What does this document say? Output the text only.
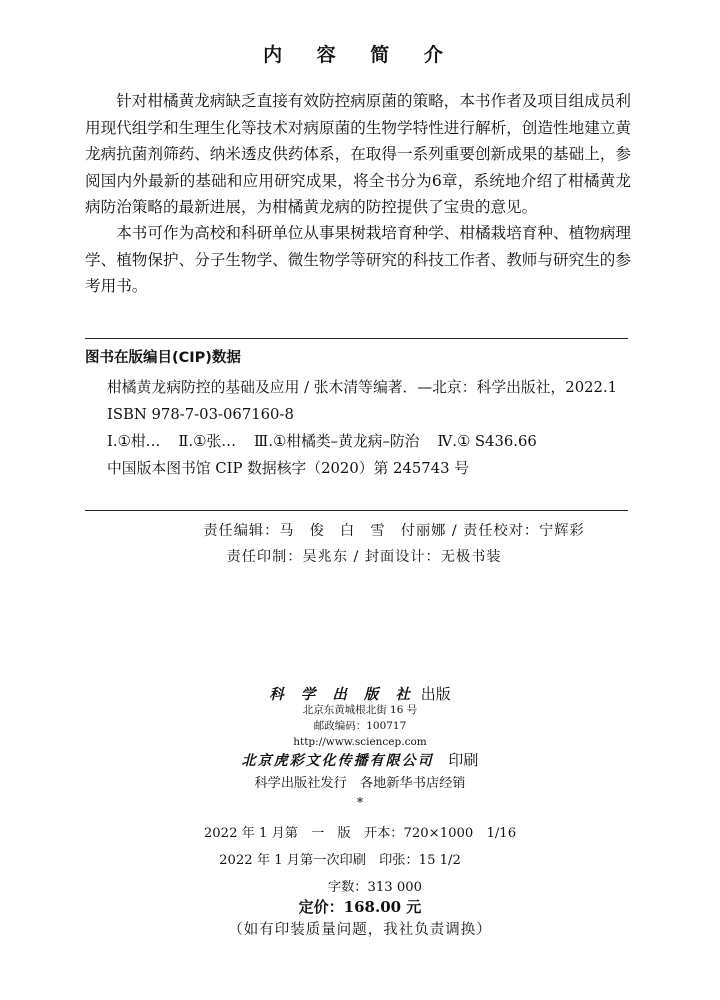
内 容 简 介

针对柑橘黄龙病缺乏直接有效防控病原菌的策略，本书作者及项目组成员利用现代组学和生理生化等技术对病原菌的生物学特性进行解析，创造性地建立黄龙病抗菌剂筛药、纳米透皮供药体系，在取得一系列重要创新成果的基础上，参阅国内外最新的基础和应用研究成果，将全书分为6章，系统地介绍了柑橘黄龙病防治策略的最新进展，为柑橘黄龙病的防控提供了宝贵的意见。

本书可作为高校和科研单位从事果树栽培育种学、柑橘栽培育种、植物病理学、植物保护、分子生物学、微生物学等研究的科技工作者、教师与研究生的参考用书。

图书在版编目(CIP)数据
柑橘黄龙病防控的基础及应用 / 张木清等编著．—北京：科学出版社，2022.1
ISBN 978-7-03-067160-8
Ⅰ.①柑… Ⅱ.①张… Ⅲ.①柑橘类–黄龙病–防治 Ⅳ.① S436.66
中国版本图书馆 CIP 数据核字（2020）第 245743 号
责任编辑：马　俊　白　雪　付丽娜 / 责任校对：宁辉彩
责任印制：吴兆东 / 封面设计：无极书装
科 学 出 版 社 出版
北京东黄城根北街 16 号
邮政编码：100717
http://www.sciencep.com
北京虎彩文化传播有限公司 印刷
科学出版社发行　各地新华书店经销
*
2022 年 1 月第　一　版　开本：720×1000　1/16
2022 年 1 月第一次印刷　印张：15 1/2
字数：313 000
定价：168.00 元
（如有印装质量问题，我社负责调换）
